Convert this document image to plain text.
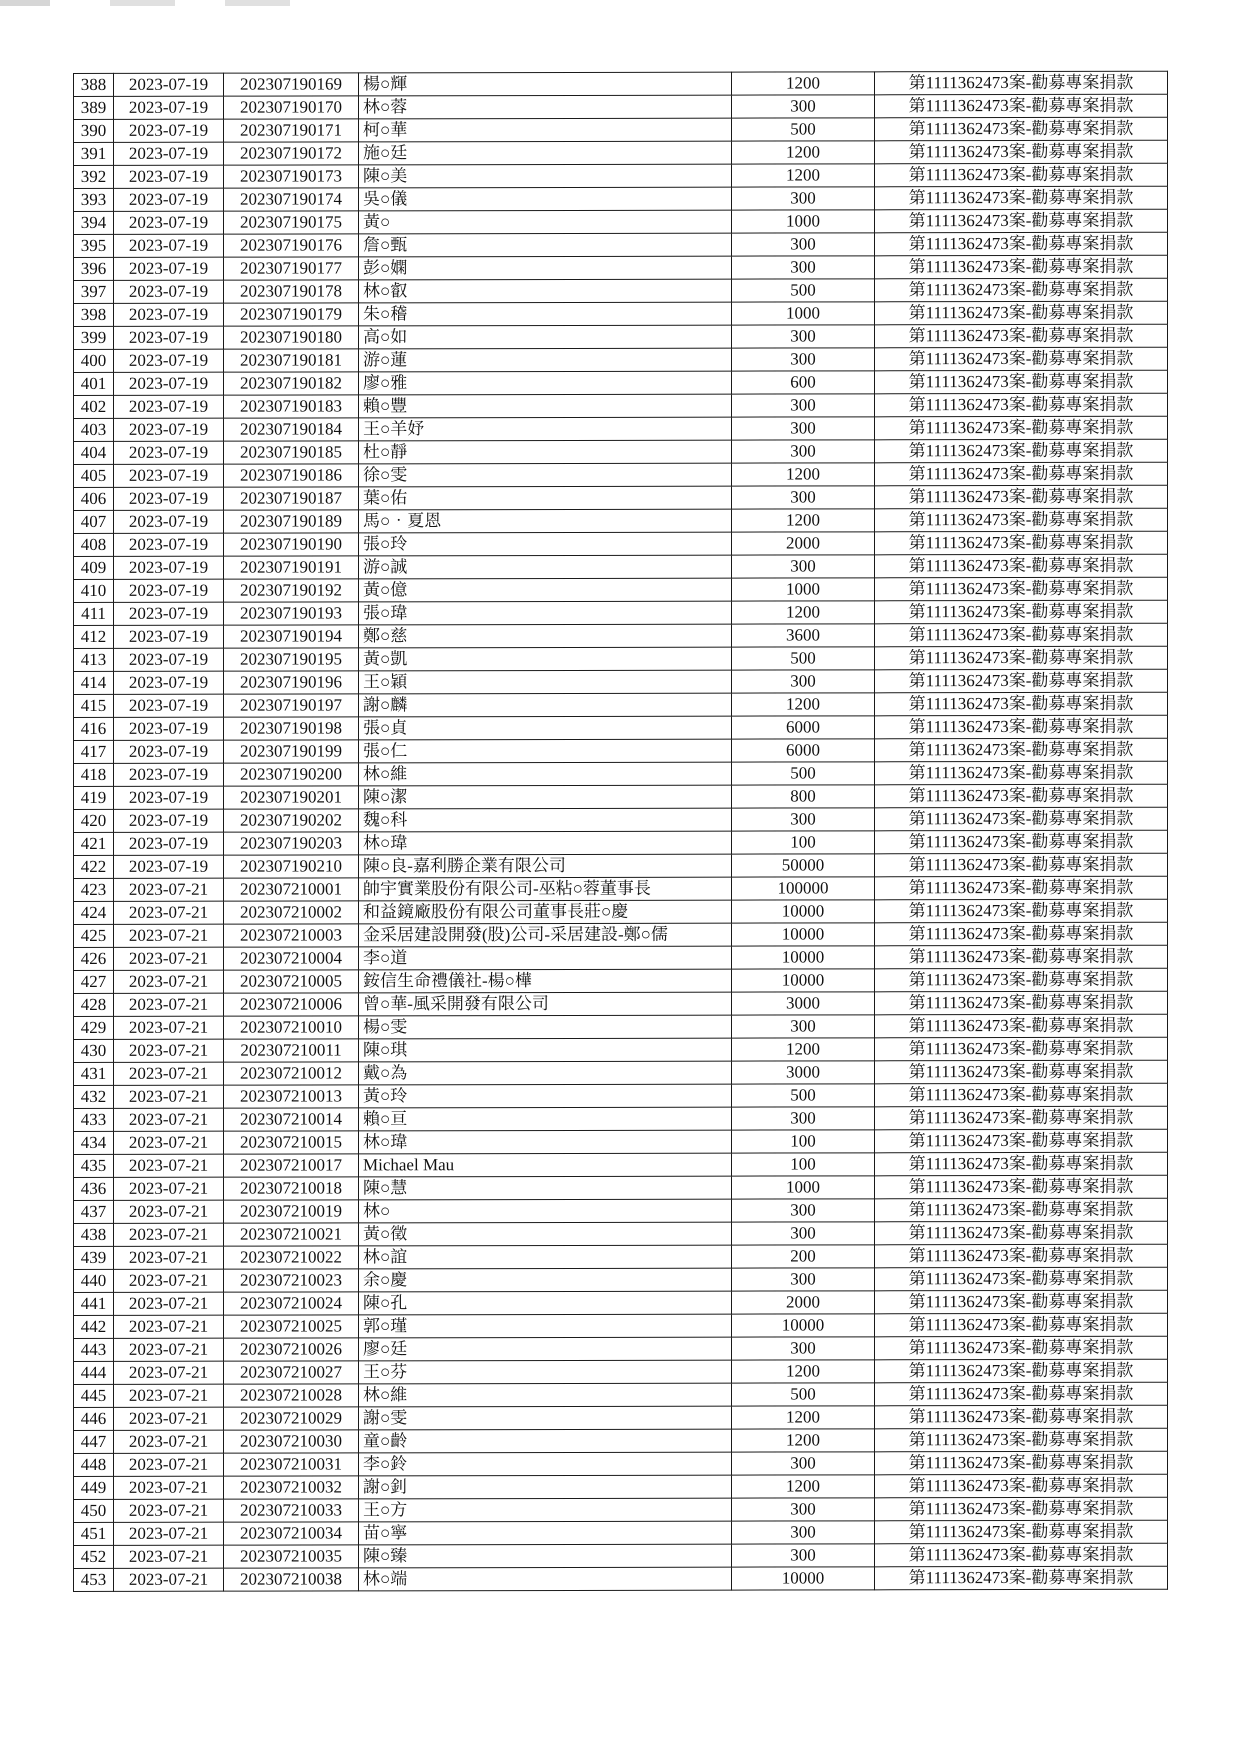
388	2023-07-19	202307190169	楊○輝	1200	第1111362473案-勸募專案捐款
389	2023-07-19	202307190170	林○蓉	300	第1111362473案-勸募專案捐款
390	2023-07-19	202307190171	柯○華	500	第1111362473案-勸募專案捐款
391	2023-07-19	202307190172	施○廷	1200	第1111362473案-勸募專案捐款
392	2023-07-19	202307190173	陳○美	1200	第1111362473案-勸募專案捐款
393	2023-07-19	202307190174	吳○儀	300	第1111362473案-勸募專案捐款
394	2023-07-19	202307190175	黃○	1000	第1111362473案-勸募專案捐款
395	2023-07-19	202307190176	詹○甄	300	第1111362473案-勸募專案捐款
396	2023-07-19	202307190177	彭○嫻	300	第1111362473案-勸募專案捐款
397	2023-07-19	202307190178	林○叡	500	第1111362473案-勸募專案捐款
398	2023-07-19	202307190179	朱○稽	1000	第1111362473案-勸募專案捐款
399	2023-07-19	202307190180	高○如	300	第1111362473案-勸募專案捐款
400	2023-07-19	202307190181	游○蓮	300	第1111362473案-勸募專案捐款
401	2023-07-19	202307190182	廖○雅	600	第1111362473案-勸募專案捐款
402	2023-07-19	202307190183	賴○豐	300	第1111362473案-勸募專案捐款
403	2023-07-19	202307190184	王○羊妤	300	第1111362473案-勸募專案捐款
404	2023-07-19	202307190185	杜○靜	300	第1111362473案-勸募專案捐款
405	2023-07-19	202307190186	徐○雯	1200	第1111362473案-勸募專案捐款
406	2023-07-19	202307190187	葉○佑	300	第1111362473案-勸募專案捐款
407	2023-07-19	202307190189	馬○‧夏恩	1200	第1111362473案-勸募專案捐款
408	2023-07-19	202307190190	張○玲	2000	第1111362473案-勸募專案捐款
409	2023-07-19	202307190191	游○誠	300	第1111362473案-勸募專案捐款
410	2023-07-19	202307190192	黃○億	1000	第1111362473案-勸募專案捐款
411	2023-07-19	202307190193	張○瑋	1200	第1111362473案-勸募專案捐款
412	2023-07-19	202307190194	鄭○慈	3600	第1111362473案-勸募專案捐款
413	2023-07-19	202307190195	黃○凱	500	第1111362473案-勸募專案捐款
414	2023-07-19	202307190196	王○穎	300	第1111362473案-勸募專案捐款
415	2023-07-19	202307190197	謝○麟	1200	第1111362473案-勸募專案捐款
416	2023-07-19	202307190198	張○貞	6000	第1111362473案-勸募專案捐款
417	2023-07-19	202307190199	張○仁	6000	第1111362473案-勸募專案捐款
418	2023-07-19	202307190200	林○維	500	第1111362473案-勸募專案捐款
419	2023-07-19	202307190201	陳○潔	800	第1111362473案-勸募專案捐款
420	2023-07-19	202307190202	魏○科	300	第1111362473案-勸募專案捐款
421	2023-07-19	202307190203	林○瑋	100	第1111362473案-勸募專案捐款
422	2023-07-19	202307190210	陳○良-嘉利勝企業有限公司	50000	第1111362473案-勸募專案捐款
423	2023-07-21	202307210001	帥宇實業股份有限公司-巫粘○蓉董事長	100000	第1111362473案-勸募專案捐款
424	2023-07-21	202307210002	和益鏡廠股份有限公司董事長莊○慶	10000	第1111362473案-勸募專案捐款
425	2023-07-21	202307210003	金采居建設開發(股)公司-采居建設-鄭○儒	10000	第1111362473案-勸募專案捐款
426	2023-07-21	202307210004	李○道	10000	第1111362473案-勸募專案捐款
427	2023-07-21	202307210005	銨信生命禮儀社-楊○樺	10000	第1111362473案-勸募專案捐款
428	2023-07-21	202307210006	曾○華-風采開發有限公司	3000	第1111362473案-勸募專案捐款
429	2023-07-21	202307210010	楊○雯	300	第1111362473案-勸募專案捐款
430	2023-07-21	202307210011	陳○琪	1200	第1111362473案-勸募專案捐款
431	2023-07-21	202307210012	戴○為	3000	第1111362473案-勸募專案捐款
432	2023-07-21	202307210013	黃○玲	500	第1111362473案-勸募專案捐款
433	2023-07-21	202307210014	賴○亘	300	第1111362473案-勸募專案捐款
434	2023-07-21	202307210015	林○瑋	100	第1111362473案-勸募專案捐款
435	2023-07-21	202307210017	Michael Mau	100	第1111362473案-勸募專案捐款
436	2023-07-21	202307210018	陳○慧	1000	第1111362473案-勸募專案捐款
437	2023-07-21	202307210019	林○	300	第1111362473案-勸募專案捐款
438	2023-07-21	202307210021	黃○徵	300	第1111362473案-勸募專案捐款
439	2023-07-21	202307210022	林○誼	200	第1111362473案-勸募專案捐款
440	2023-07-21	202307210023	余○慶	300	第1111362473案-勸募專案捐款
441	2023-07-21	202307210024	陳○孔	2000	第1111362473案-勸募專案捐款
442	2023-07-21	202307210025	郭○瑾	10000	第1111362473案-勸募專案捐款
443	2023-07-21	202307210026	廖○廷	300	第1111362473案-勸募專案捐款
444	2023-07-21	202307210027	王○芬	1200	第1111362473案-勸募專案捐款
445	2023-07-21	202307210028	林○維	500	第1111362473案-勸募專案捐款
446	2023-07-21	202307210029	謝○雯	1200	第1111362473案-勸募專案捐款
447	2023-07-21	202307210030	童○齡	1200	第1111362473案-勸募專案捐款
448	2023-07-21	202307210031	李○鈴	300	第1111362473案-勸募專案捐款
449	2023-07-21	202307210032	謝○釗	1200	第1111362473案-勸募專案捐款
450	2023-07-21	202307210033	王○方	300	第1111362473案-勸募專案捐款
451	2023-07-21	202307210034	苗○寧	300	第1111362473案-勸募專案捐款
452	2023-07-21	202307210035	陳○臻	300	第1111362473案-勸募專案捐款
453	2023-07-21	202307210038	林○端	10000	第1111362473案-勸募專案捐款
